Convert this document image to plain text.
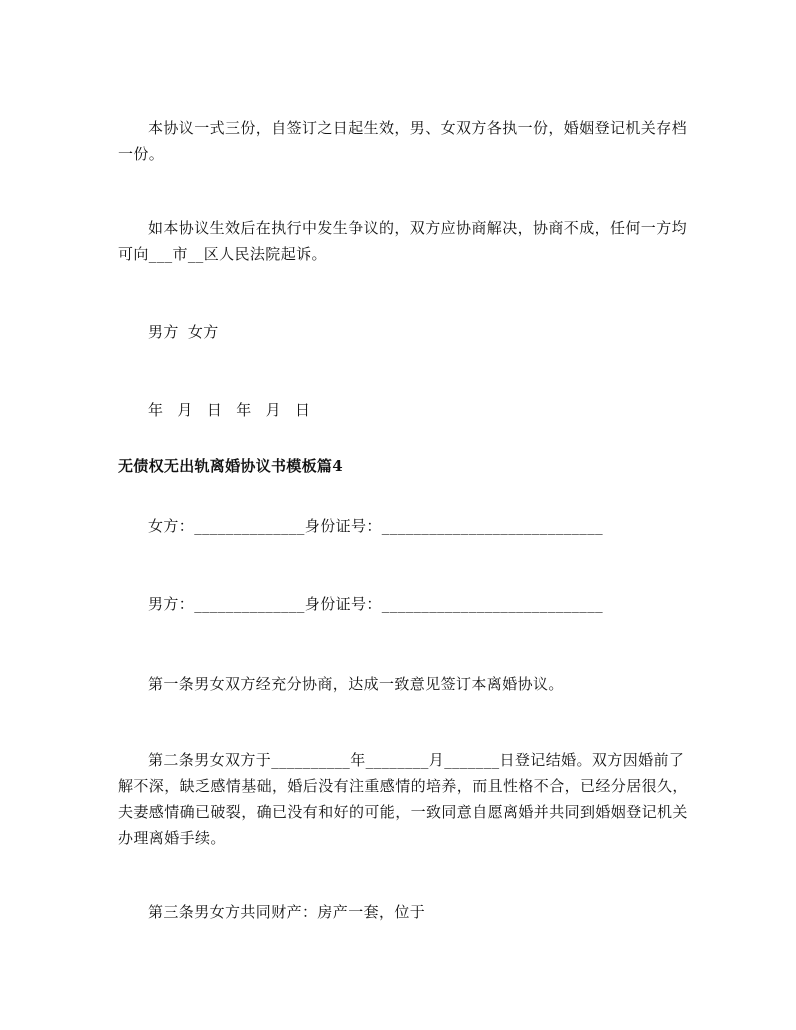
本协议一式三份，自签订之日起生效，男、女双方各执一份，婚姻登记机关存档一份。

如本协议生效后在执行中发生争议的，双方应协商解决，协商不成，任何一方均可向___市__区人民法院起诉。

男方 女方
年 月 日 年 月 日
无债权无出轨离婚协议书模板篇4
女方：______________身份证号：____________________________
男方：______________身份证号：____________________________

第一条男女双方经充分协商，达成一致意见签订本离婚协议。

第二条男女双方于__________年________月_______日登记结婚。双方因婚前了解不深，缺乏感情基础，婚后没有注重感情的培养，而且性格不合，已经分居很久，夫妻感情确已破裂，确已没有和好的可能，一致同意自愿离婚并共同到婚姻登记机关办理离婚手续。

第三条男女方共同财产：房产一套，位于
